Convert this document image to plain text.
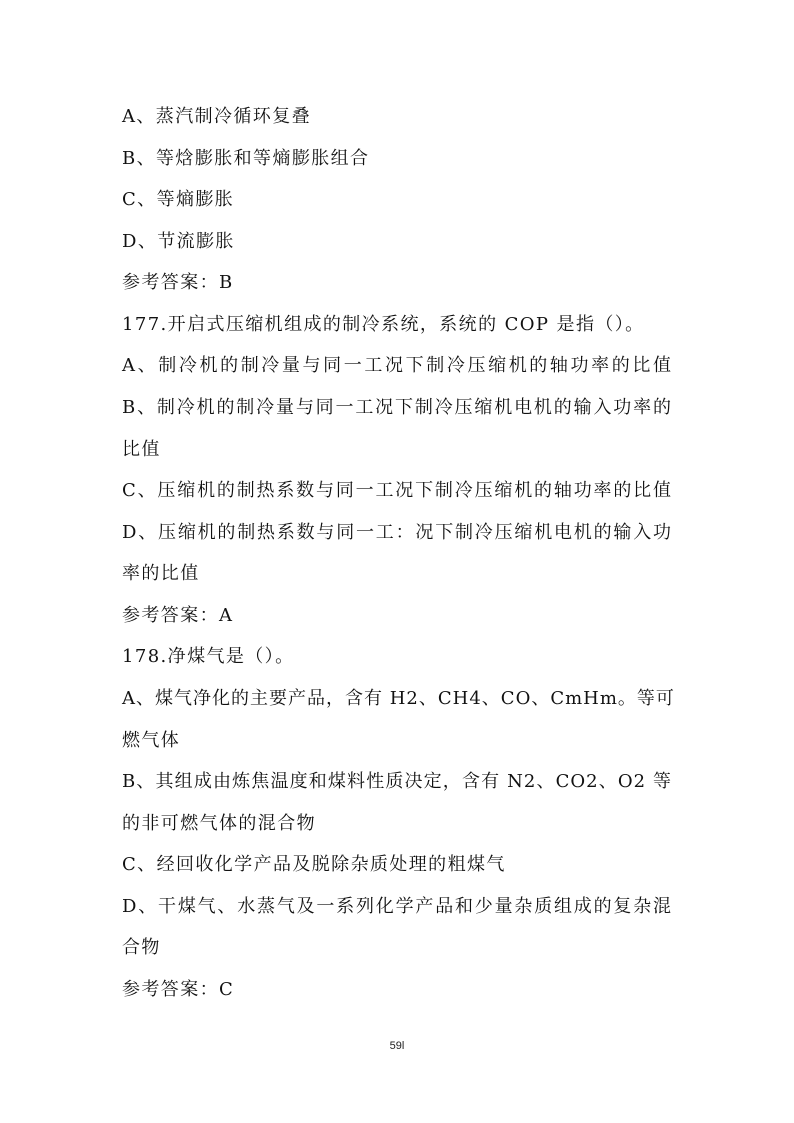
A、蒸汽制冷循环复叠
B、等焓膨胀和等熵膨胀组合
C、等熵膨胀
D、节流膨胀
参考答案：B
177.开启式压缩机组成的制冷系统，系统的 COP 是指（）。
A、制冷机的制冷量与同一工况下制冷压缩机的轴功率的比值
B、制冷机的制冷量与同一工况下制冷压缩机电机的输入功率的
比值
C、压缩机的制热系数与同一工况下制冷压缩机的轴功率的比值
D、压缩机的制热系数与同一工：况下制冷压缩机电机的输入功
率的比值
参考答案：A
178.净煤气是（）。
A、煤气净化的主要产品，含有 H2、CH4、CO、CmHm。等可
燃气体
B、其组成由炼焦温度和煤料性质决定，含有 N2、CO2、O2 等
的非可燃气体的混合物
C、经回收化学产品及脱除杂质处理的粗煤气
D、干煤气、水蒸气及一系列化学产品和少量杂质组成的复杂混
合物
参考答案：C
59l
